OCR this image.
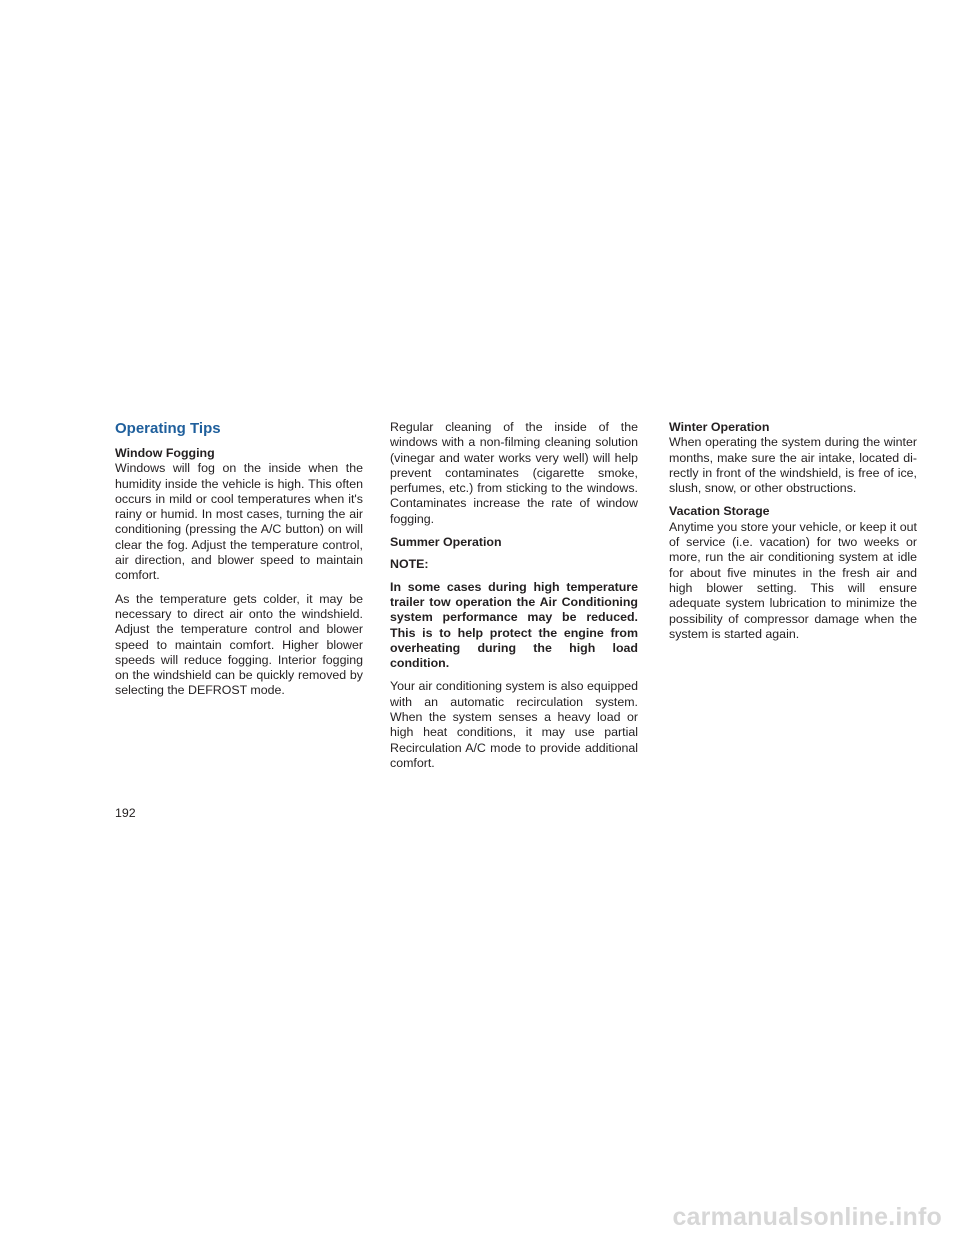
Operating Tips
Window Fogging

Windows will fog on the inside when the humidity inside the vehicle is high. This often occurs in mild or cool temperatures when it's rainy or humid. In most cases, turning the air conditioning (pressing the A/C button) on will clear the fog. Adjust the temperature control, air direction, and blower speed to maintain comfort.

As the temperature gets colder, it may be necessary to direct air onto the windshield. Adjust the temperature control and blower speed to maintain comfort. Higher blower speeds will reduce fogging. Interior fogging on the windshield can be quickly removed by selecting the DEFROST mode.

Regular cleaning of the inside of the windows with a non-filming cleaning solution (vinegar and water works very well) will help prevent contaminates (cigarette smoke, perfumes, etc.) from sticking to the windows. Contaminates increase the rate of window fogging.

Summer Operation

NOTE:

In some cases during high temperature trailer tow operation the Air Conditioning system performance may be reduced. This is to help protect the engine from overheating during the high load condition.

Your air conditioning system is also equipped with an automatic recirculation system. When the system senses a heavy load or high heat conditions, it may use partial Recirculation A/C mode to provide additional comfort.

Winter Operation

When operating the system during the winter months, make sure the air intake, located directly in front of the windshield, is free of ice, slush, snow, or other obstructions.

Vacation Storage

Anytime you store your vehicle, or keep it out of service (i.e. vacation) for two weeks or more, run the air conditioning system at idle for about five minutes in the fresh air and high blower setting. This will ensure adequate system lubrication to minimize the possibility of compressor damage when the system is started again.

192
carmanualsonline.info
